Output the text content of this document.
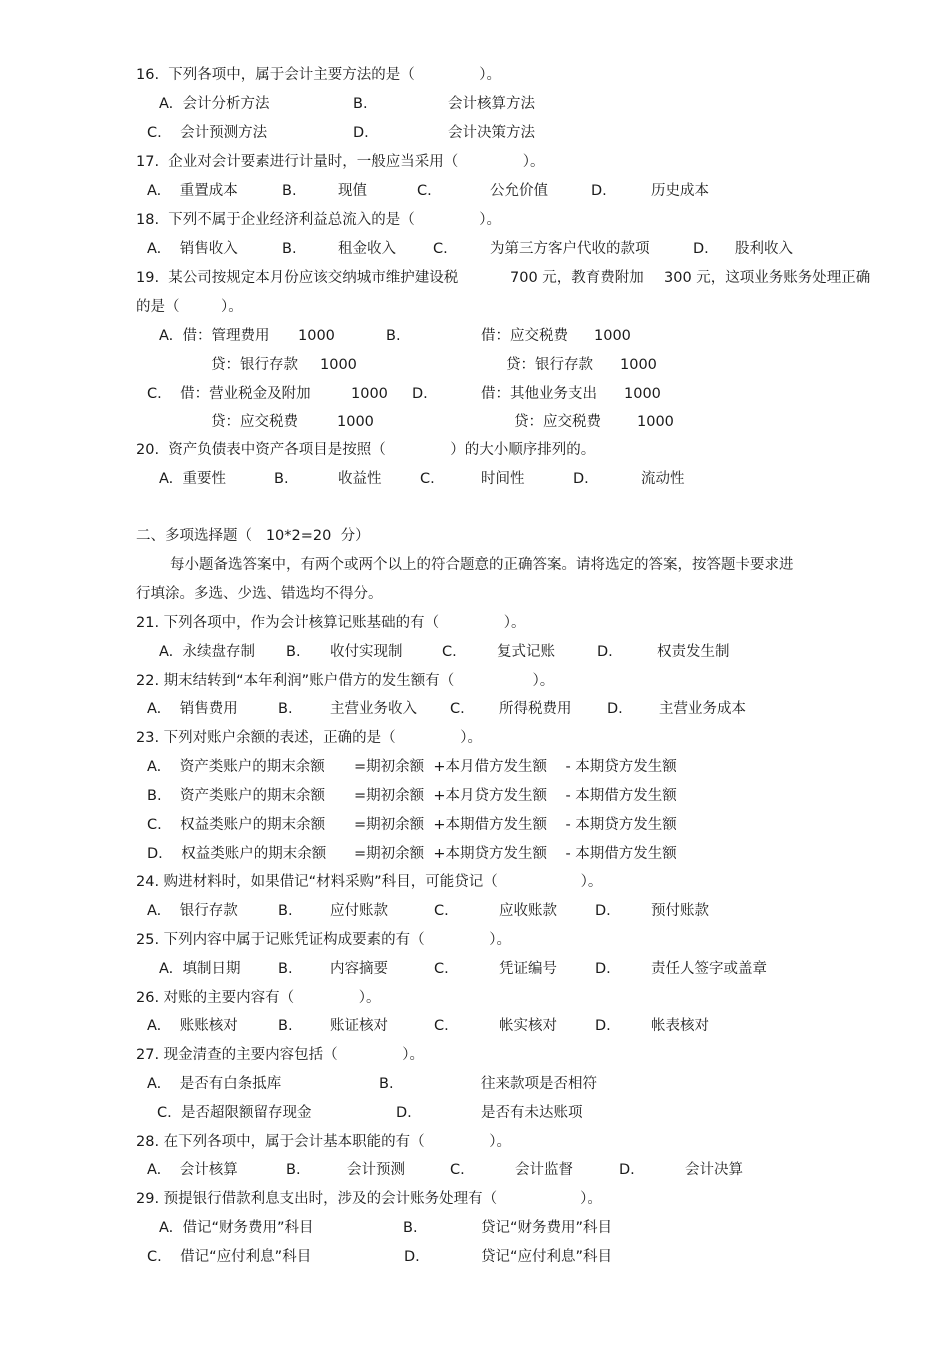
16.  下列各项中，属于会计主要方法的是（              ）。
A.  会计分析方法	B.	会计核算方法
C.    会计预测方法	D.	会计决策方法
17.  企业对会计要素进行计量时，一般应当采用（              ）。
A.    重置成本	B.	现值	C.	公允价值	D.	历史成本
18.  下列不属于企业经济利益总流入的是（              ）。
A.    销售收入	B.	租金收入	C.	为第三方客户代收的款项	D. 股利收入
19.  某公司按规定本月份应该交纳城市维护建设税	700 元，教育费附加 300 元，这项业务账务处理正确
的是（         ）。
A.  借：管理费用 1000	B.	借：应交税费 1000
贷：银行存款 1000	贷：银行存款 1000
C.    借：营业税金及附加	1000 D.	借：其他业务支出 1000
贷：应交税费	1000	贷：应交税费 1000
20.  资产负债表中资产各项目是按照（              ）的大小顺序排列的。
A.  重要性	B.	收益性	C.	时间性	D.	流动性
二、多项选择题（   10*2=20  分）
每小题备选答案中，有两个或两个以上的符合题意的正确答案。请将选定的答案，按答题卡要求进
行填涂。多选、少选、错选均不得分。
21. 下列各项中，作为会计核算记账基础的有（              ）。
A.  永续盘存制 B. 收付实现制	C.	复式记账	D.	权责发生制
22. 期末结转到“本年利润”账户借方的发生额有（                 ）。
A.    销售费用	B.	主营业务收入 C. 所得税费用 D. 主营业务成本
23. 下列对账户余额的表述，正确的是（              ）。
A.    资产类账户的期末余额 =期初余额  +本月借方发生额    - 本期贷方发生额
B.    资产类账户的期末余额 =期初余额  +本月贷方发生额    - 本期借方发生额
C.    权益类账户的期末余额 =期初余额  +本期借方发生额    - 本期贷方发生额
D.    权益类账户的期末余额 =期初余额  +本期贷方发生额    - 本期借方发生额
24. 购进材料时，如果借记“材料采购”科目，可能贷记（                  ）。
A.    银行存款	B.	应付账款	C.	应收账款	D.	预付账款
25. 下列内容中属于记账凭证构成要素的有（              ）。
A.  填制日期	B.	内容摘要	C.	凭证编号	D.	责任人签字或盖章
26. 对账的主要内容有（              ）。
A.    账账核对	B.	账证核对	C.	帐实核对	D.	帐表核对
27. 现金清查的主要内容包括（              ）。
A.    是否有白条抵库	B.	往来款项是否相符
C.  是否超限额留存现金	D.	是否有未达账项
28. 在下列各项中，属于会计基本职能的有（              ）。
A.    会计核算	B.	会计预测	C.	会计监督	D.	会计决算
29. 预提银行借款利息支出时，涉及的会计账务处理有（                  ）。
A.  借记“财务费用”科目	B.	贷记“财务费用”科目
C.    借记“应付利息”科目	D.	贷记“应付利息”科目
